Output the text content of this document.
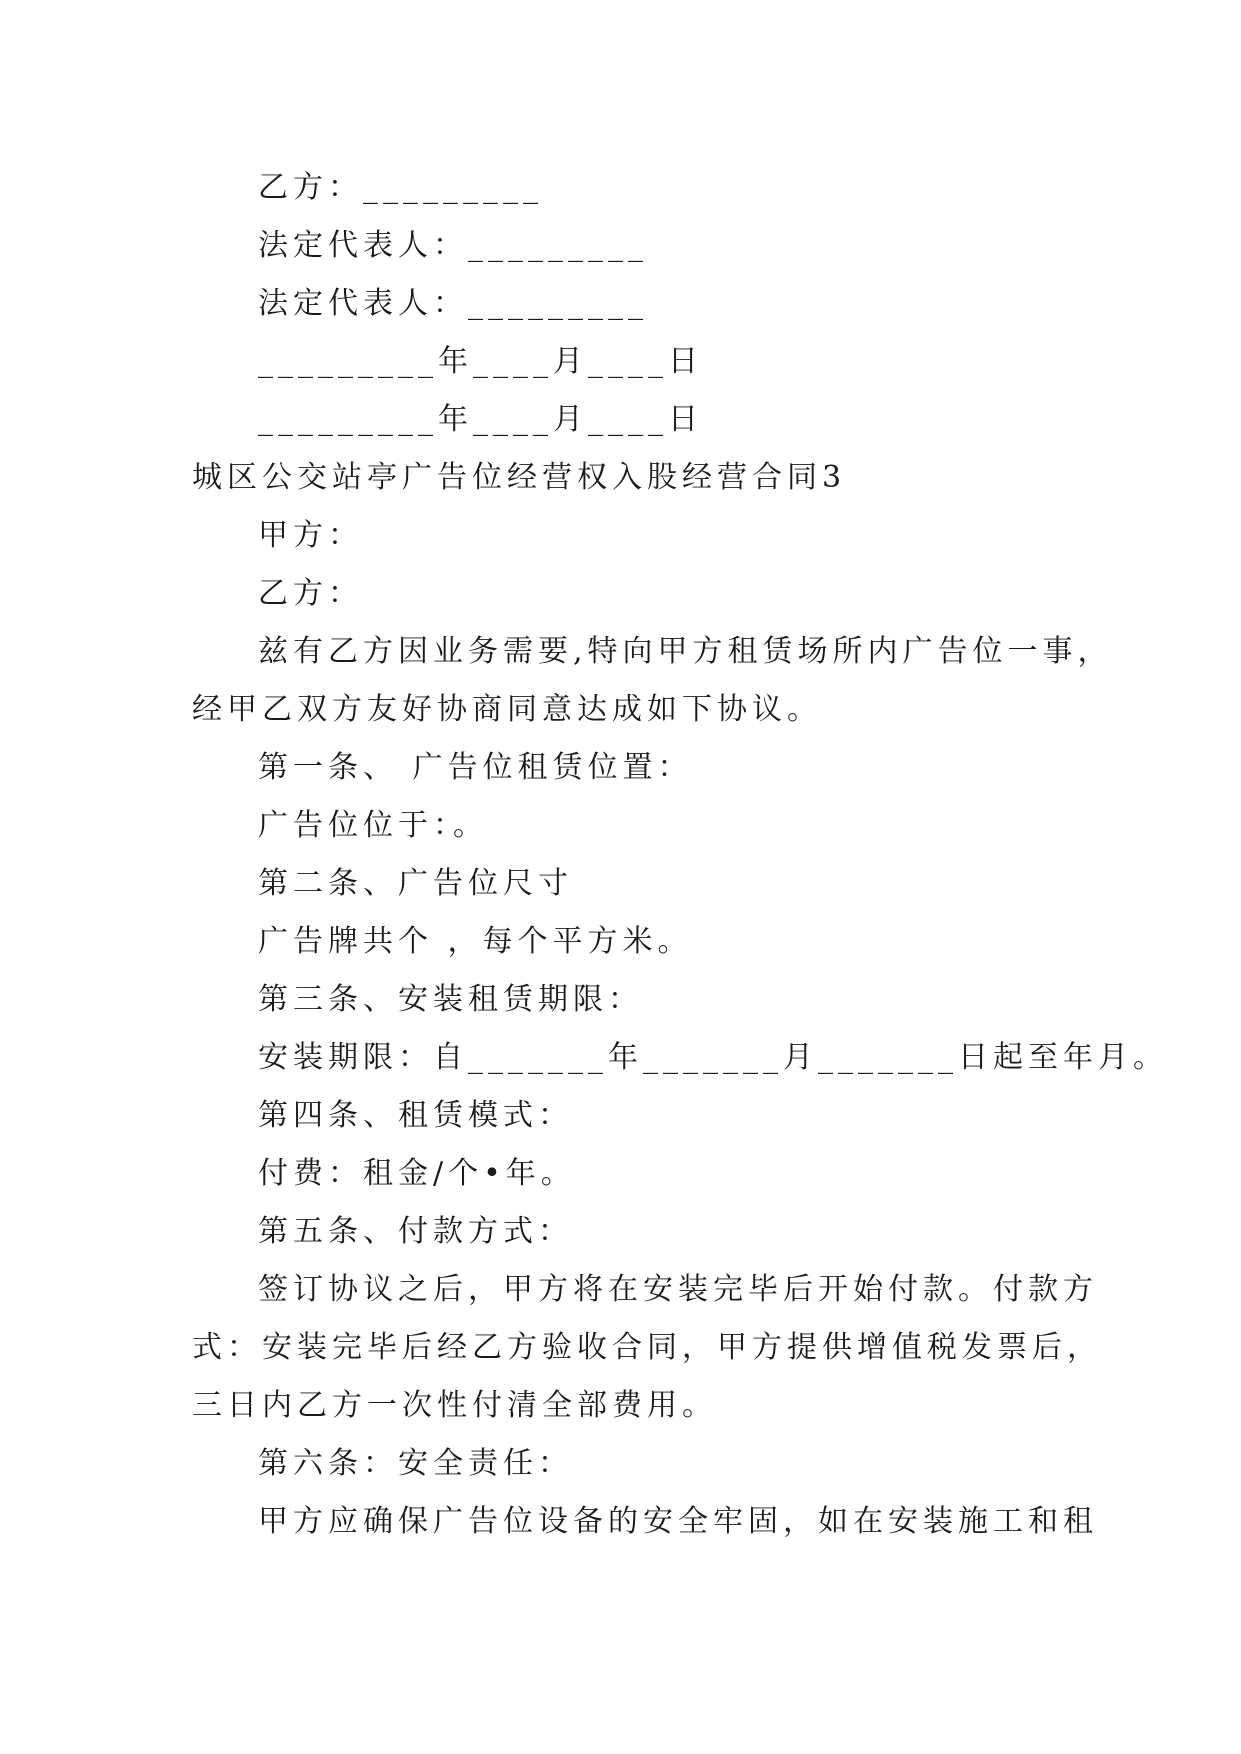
乙方：_________
法定代表人：_________
法定代表人：_________
_________年____月____日
_________年____月____日
城区公交站亭广告位经营权入股经营合同3
甲方：
乙方：
兹有乙方因业务需要,特向甲方租赁场所内广告位一事，
经甲乙双方友好协商同意达成如下协议。
第一条、 广告位租赁位置：
广告位位于：。
第二条、广告位尺寸
广告牌共个 ，每个平方米。
第三条、安装租赁期限：
安装期限：自_______年_______月_______日起至年月。
第四条、租赁模式：
付费：租金/个•年。
第五条、付款方式：
签订协议之后，甲方将在安装完毕后开始付款。付款方
式：安装完毕后经乙方验收合同，甲方提供增值税发票后，
三日内乙方一次性付清全部费用。
第六条：安全责任：
甲方应确保广告位设备的安全牢固，如在安装施工和租
